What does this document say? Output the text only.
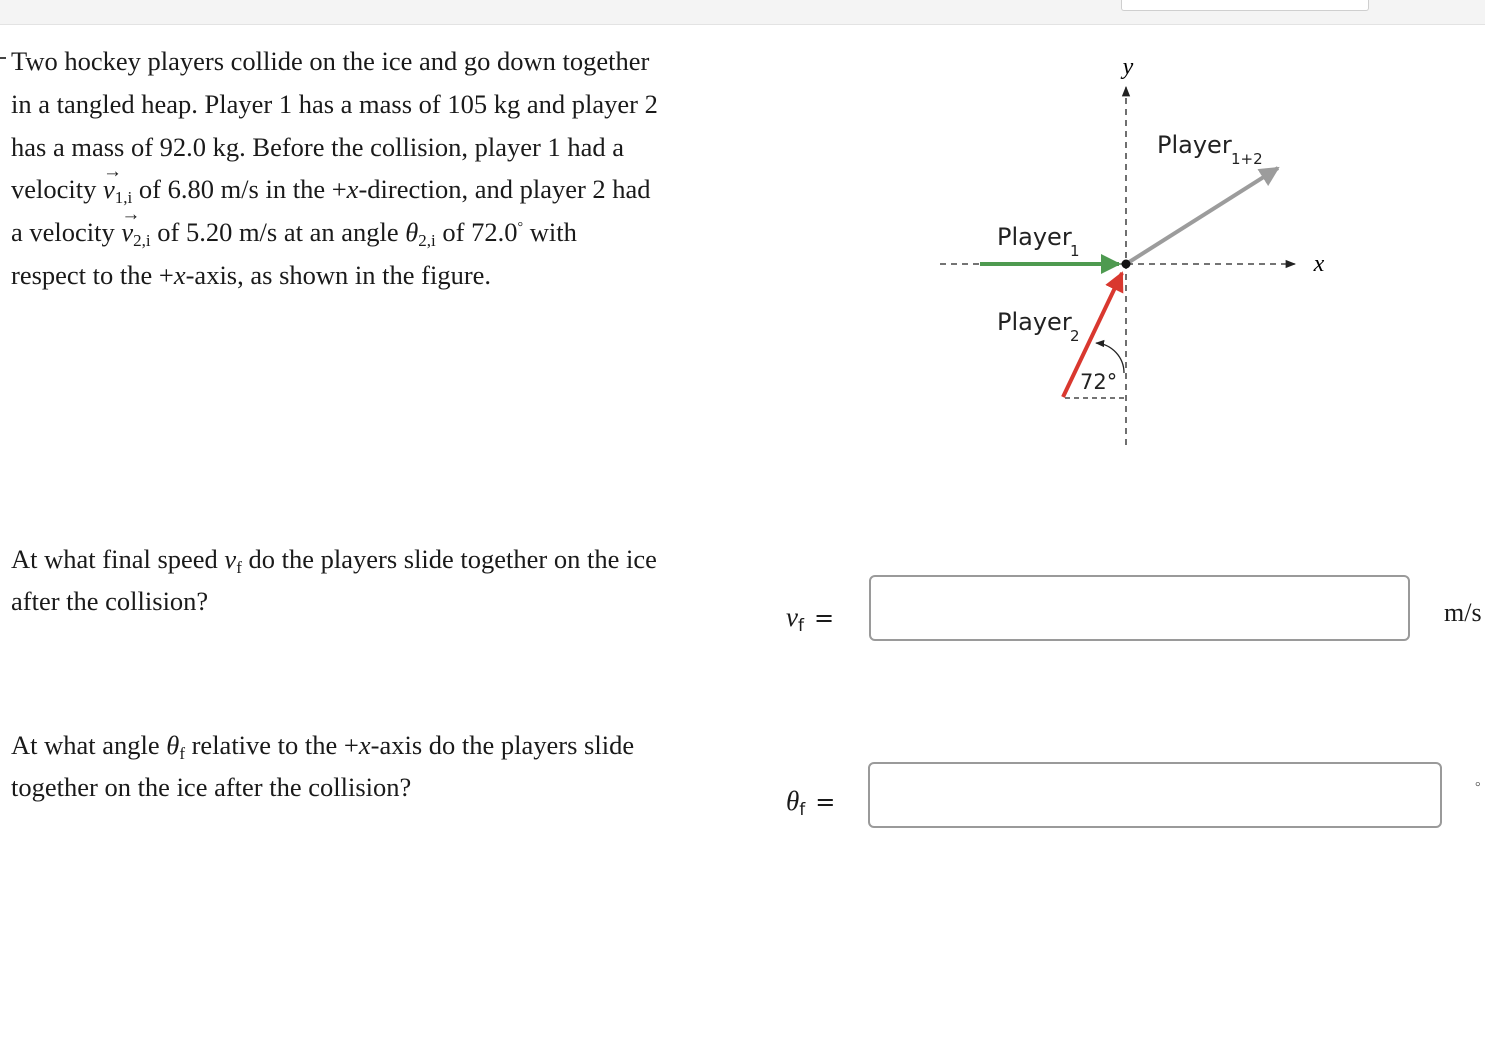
Two hockey players collide on the ice and go down together

in a tangled heap. Player 1 has a mass of 105 kg and player 2

has a mass of 92.0 kg. Before the collision, player 1 had a

velocity → $v_{1,i}$ of 6.80 m/s in the +x-direction, and player 2 had

a velocity → $v_{2,i}$ of 5.20 m/s at an angle $\theta_{2,i}$ of 72.0° with

respect to the +x-axis, as shown in the figure.

y
x
Player 1+2
Player
1
Player
2
72°

At what final speed $v_f$ do the players slide together on the ice

after the collision?

$v_f$ =	m/s

At what angle $\theta_f$ relative to the +x-axis do the players slide

together on the ice after the collision?	$\theta_f$ =
°
